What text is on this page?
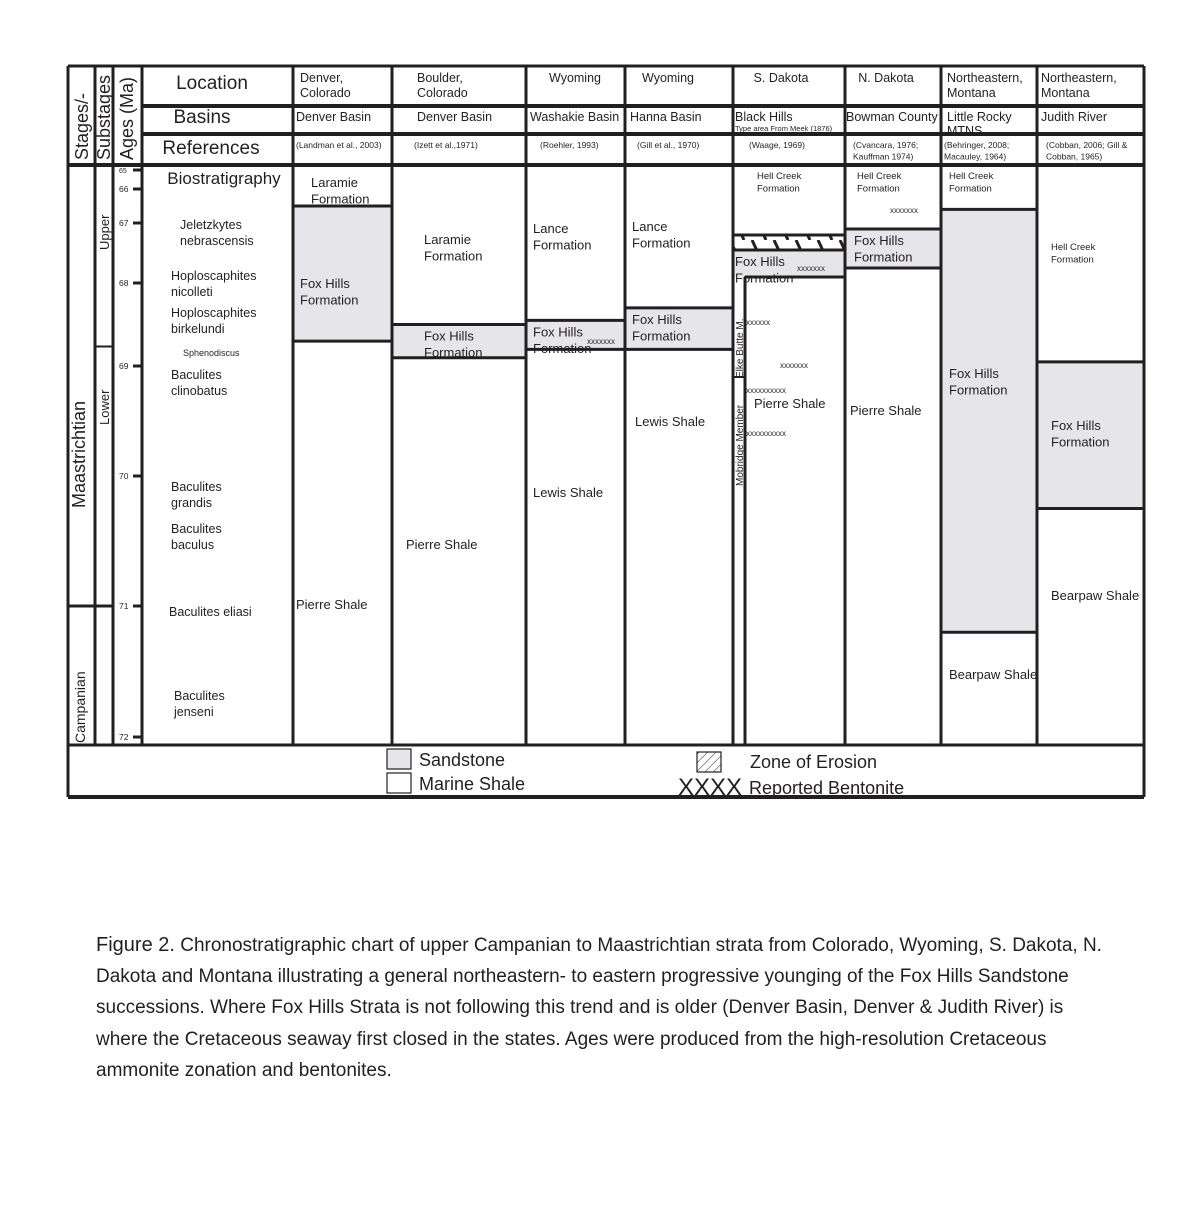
Laramie
Formation
Fox Hills
Formation
Pierre Shale
Laramie
Formation
Fox Hills
Formation
Pierre Shale
Lance
Formation
Fox Hills
Formation
xxxxxxx
Lewis Shale
Lance
Formation
Fox Hills
Formation
Lewis Shale
Hell Creek
Formation
Fox Hills
Formation
xxxxxxx
Pierre Shale
xxxxxx
xxxxxxx
xxxxxxxxxx
xxxxxxxxxx
Elke Butte M.
Mobridge Member
Hell Creek
Formation
xxxxxxx
Fox Hills
Formation
Pierre Shale
Hell Creek
Formation
Fox Hills
Formation
Bearpaw Shale
Hell Creek
Formation
Fox Hills
Formation
Bearpaw Shale
Stages/- Substages Ages (Ma) Location
Basins
References
Biostratigraphy
Denver,
Colorado
Denver Basin
(Landman et al., 2003)
Boulder,
Colorado
Denver Basin
(Izett et al.,1971)
Wyoming
Washakie Basin
(Roehler, 1993)
Wyoming
Hanna Basin
(Gill et al., 1970)
S. Dakota
Black Hills
Type area From Meek (1876)
(Waage, 1969)
N. Dakota
Bowman County
(Cvancara, 1976;
Kauffman 1974)
Northeastern,
Montana
Little Rocky
MTNS
(Behringer, 2008;
Macauley, 1964)
Northeastern,
Montana
Judith River
(Cobban, 2006; Gill &
Cobban, 1965)
Maastrichtian
Campanian
Upper
Lower
65
66
67
68
69
70
71
72
Jeletzkytes
nebrascensis
Hoploscaphites
nicolleti
Hoploscaphites
birkelundi
Sphenodiscus
Baculites
clinobatus
Baculites
grandis
Baculites
baculus
Baculites eliasi
Baculites
jenseni
Sandstone
Marine Shale
Zone of Erosion
XXXX Reported Bentonite
Figure 2. Chronostratigraphic chart of upper Campanian to Maastrichtian strata from Colorado, Wyoming, S. Dakota, N. Dakota and Montana illustrating a general northeastern- to eastern progressive younging of the Fox Hills Sandstone successions. Where Fox Hills Strata is not following this trend and is older (Denver Basin, Denver & Judith River) is where the Cretaceous seaway first closed in the states. Ages were produced from the high-resolution Cretaceous ammonite zonation and bentonites.
